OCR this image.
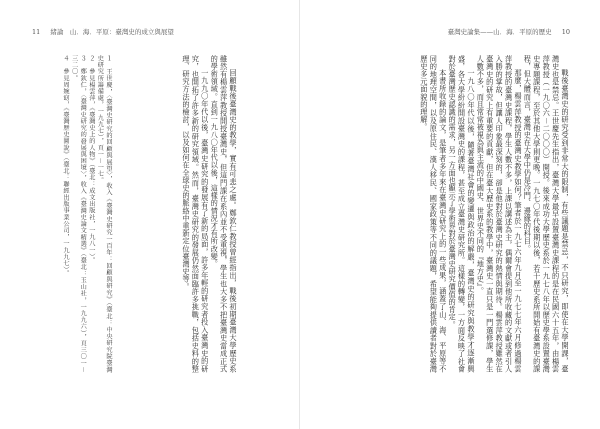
11 緒論　山．海．平原：臺灣史的成立與展望	臺灣史論集——山．海．平原的歷史 10

戰後臺灣史的研究受到非常大的限制，有些議題是禁忌，不只研究，即使在大學開課，臺灣史也是禁忌。王世慶先生指出，臺灣大學最早設置臺灣史課程的是在民國六十五年，由楊雲萍教授（一九〇六－二〇〇〇）開授。後來成功大學歷史系於一九七八年以歷史學系設置臺灣史專題課程，至於其他大學則更晚。一九七〇年代後期以後，若干歷史系所開始有臺灣史的課程，但大體而言，臺灣史在大學中仍是冷門、邊緣的科目。

那麼，楊雲萍教授的臺灣史教學如何？筆者於一九七六年九月至一九七七年六月修過楊雲萍教授的臺灣史課程，學生人數不多，上課以講述為主，偶爾會提到他所收藏的文獻或者引人入勝的掌故，但讓人印象最深刻的，卻是他對於臺灣史研究的熱情與期待。楊雲萍教授雖然在臺灣史的研究上有重要的貢獻，但在臺大歷史系的教學中，臺灣史一直只是一門選修課，學生人數不多，而且常常被視為與主流的中國史、世界史不同的『地方史』。

一九八〇年代以後，隨著臺灣社會的變遷與政治的解嚴，臺灣史的研究與教學才逐漸興盛，各大學紛紛開設臺灣史的課程，甚至成立臺灣史研究所。這樣的轉變，一方面反映了社會對於臺灣歷史認識的需求，另一方面也顯示了學術界對於臺灣史研究價值的肯定。

本書所收錄的論文，是筆者多年來在臺灣史研究上的一些成果，涵蓋了山、海、平原等不同的地理空間，以及原住民、漢人移民、國家政策等不同的議題，希望能夠提供讀者對於臺灣歷史多元面貌的理解。

回顧戰後臺灣史的教學，實有可悲之處。鄭欽仁教授曾經指出，戰後初期臺灣大學歷史系雖然有楊雲萍教授開授臺灣史，但這門課在系內並不受重視，學生也大多不把臺灣史當成正式的學術領域。直到一九八〇年代以後，這樣的情況才有所改變。

一九九〇年代以後，臺灣史研究的發展有了新的局面，許多年輕的研究者投入臺灣史的研究，也開拓了許多新的研究領域。然而，臺灣史研究的發展仍然面臨許多挑戰，包括史料的整理、研究方法的檢討，以及如何在全球史的脈絡中重新定位臺灣史等。

１　王世慶，〈臺灣史研究的回顧與展望〉，收入《臺灣史研究一百年：回顧與研究》（臺北：中央研究院臺灣史研究所籌備處，一九九七），頁一－一七。

２　參見楊雲萍，《臺灣史上的人物》（臺北：成文出版社，一九八一）。

３　鄭欽仁，〈臺灣史研究的發展與困境〉，收入《臺灣史論文精選》（臺北：玉山社，一九九六），頁三〇一－三二〇。

４　參見周婉窈，《臺灣歷史圖說》（臺北：聯經出版事業公司，一九九七）。
